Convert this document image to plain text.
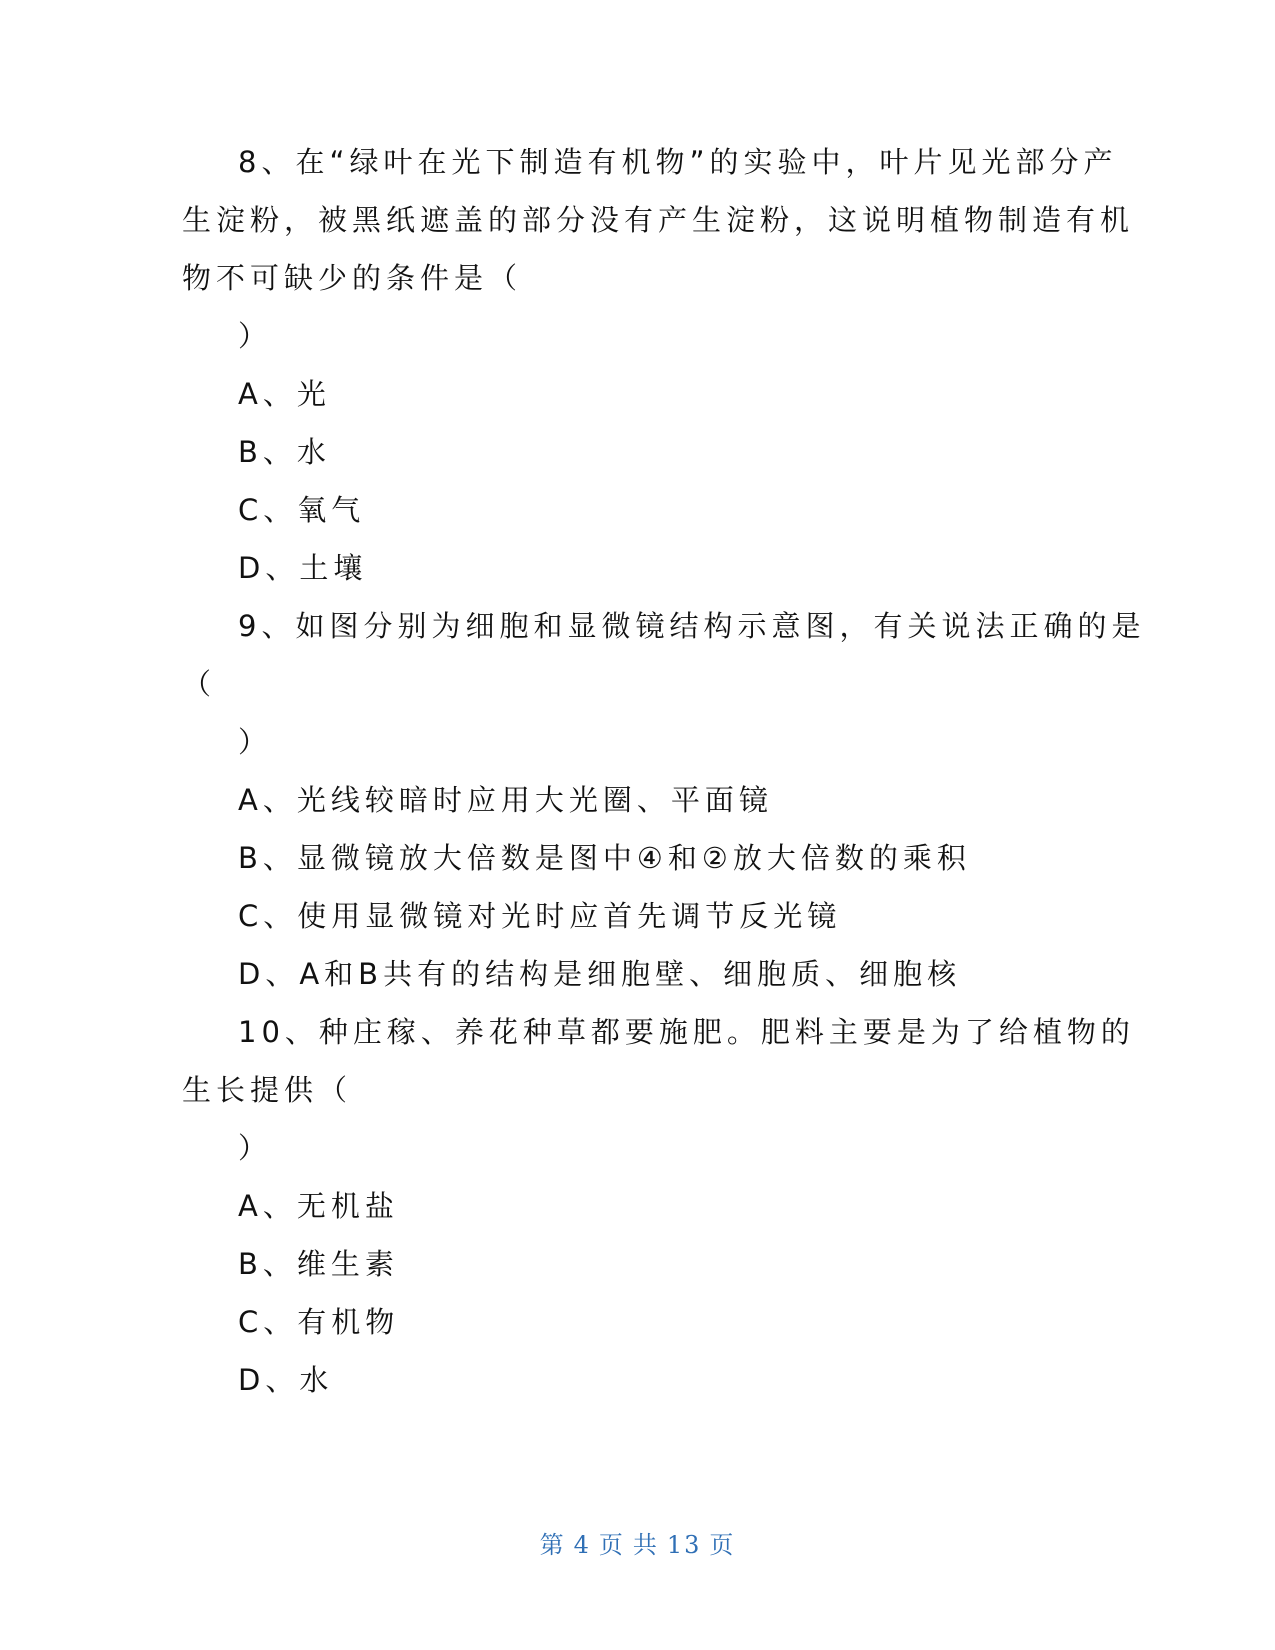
8、在“绿叶在光下制造有机物”的实验中，叶片见光部分产
生淀粉，被黑纸遮盖的部分没有产生淀粉，这说明植物制造有机
物不可缺少的条件是（
）
A、光
B、水
C、氧气
D、土壤
9、如图分别为细胞和显微镜结构示意图，有关说法正确的是
（
）
A、光线较暗时应用大光圈、平面镜
B、显微镜放大倍数是图中④和②放大倍数的乘积
C、使用显微镜对光时应首先调节反光镜
D、A和B共有的结构是细胞壁、细胞质、细胞核
10、种庄稼、养花种草都要施肥。肥料主要是为了给植物的
生长提供（
）
A、无机盐
B、维生素
C、有机物
D、水
第 4 页 共 13 页
